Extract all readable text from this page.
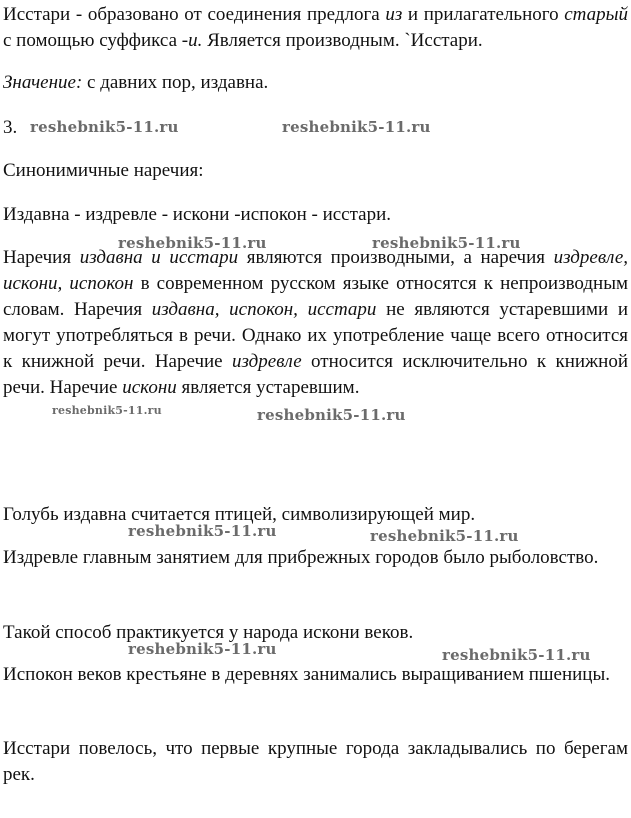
Исстари - образовано от соединения предлога из и прилагательного старый с помощью суффикса -и. Является производным. `Исстари.

Значение: с давних пор, издавна.

3.

Синонимичные наречия:

Издавна - издревле - искони -испокон - исстари.

Наречия издавна и исстари являются производными, а наречия издревле, искони, испокон в современном русском языке относятся к непроизводным словам. Наречия издавна, испокон, исстари не являются устаревшими и могут употребляться в речи. Однако их употребление чаще всего относится к книжной речи. Наречие издревле относится исключительно к книжной речи. Наречие искони является устаревшим.

Голубь издавна считается птицей, символизирующей мир.

Издревле главным занятием для прибрежных городов было рыболовство.

Такой способ практикуется у народа искони веков.

Испокон веков крестьяне в деревнях занимались выращиванием пшеницы.

Исстари повелось, что первые крупные города закладывались по берегам рек.

reshebnik5-11.ru	reshebnik5-11.ru
reshebnik5-11.ru	reshebnik5-11.ru
reshebnik5-11.ru	reshebnik5-11.ru
reshebnik5-11.ru	reshebnik5-11.ru
reshebnik5-11.ru	reshebnik5-11.ru
